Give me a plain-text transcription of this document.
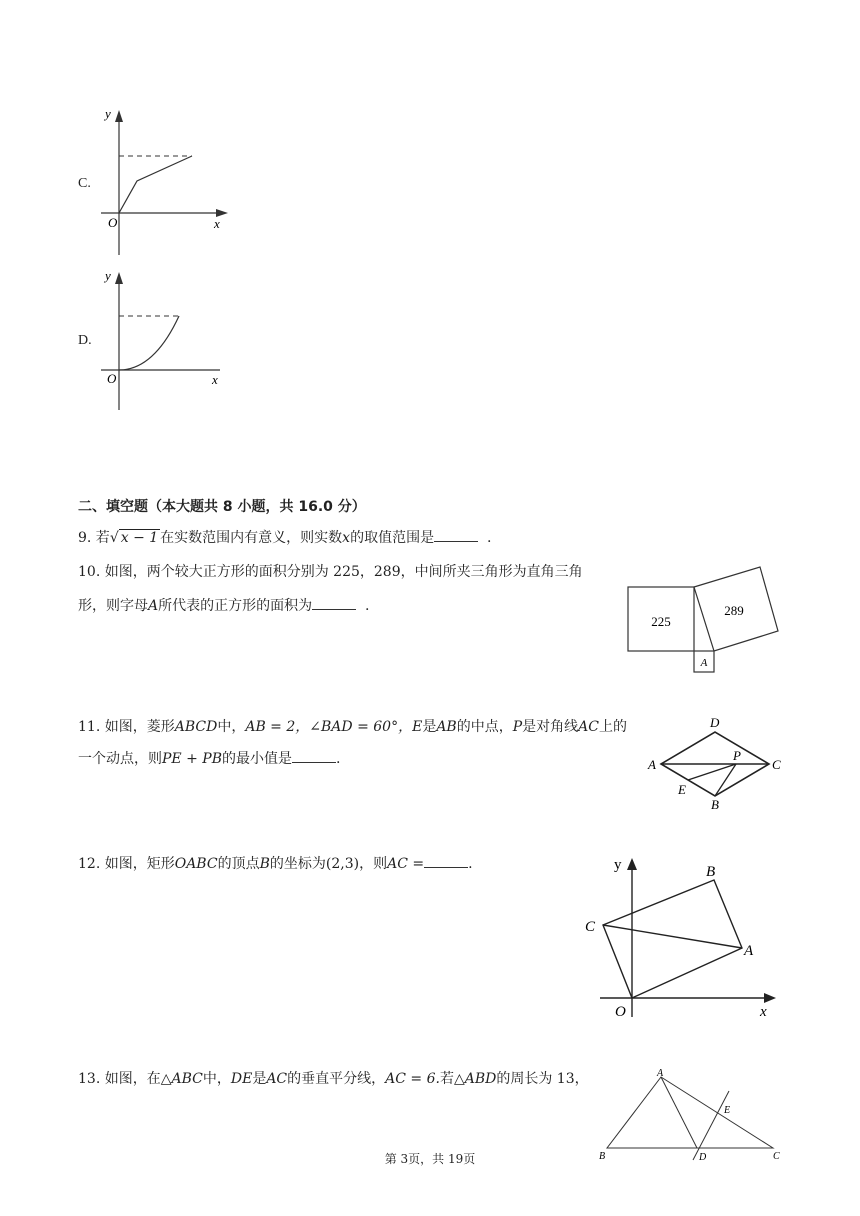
C.
y
x
O
D.
y
x
O
二、填空题（本大题共 8 小题，共 16.0 分）
9. 若√ x − 1 在实数范围内有意义，则实数x的取值范围是	.
10. 如图，两个较大正方形的面积分别为 225，289，中间所夹三角形为直角三角
形，则字母A所代表的正方形的面积为	.
225
289
A
11. 如图，菱形ABCD中，AB = 2，∠BAD = 60°，E是AB的中点，P是对角线AC上的
一个动点，则PE + PB的最小值是	.	A
D
C
B
E
P
12. 如图，矩形OABC的顶点B的坐标为(2,3)，则AC =	.	y
x
O
C
B
A
13. 如图，在△ABC中，DE是AC的垂直平分线，AC = 6.若△ABD的周长为 13，	A
B	C
D
E
第 3页，共 19页
